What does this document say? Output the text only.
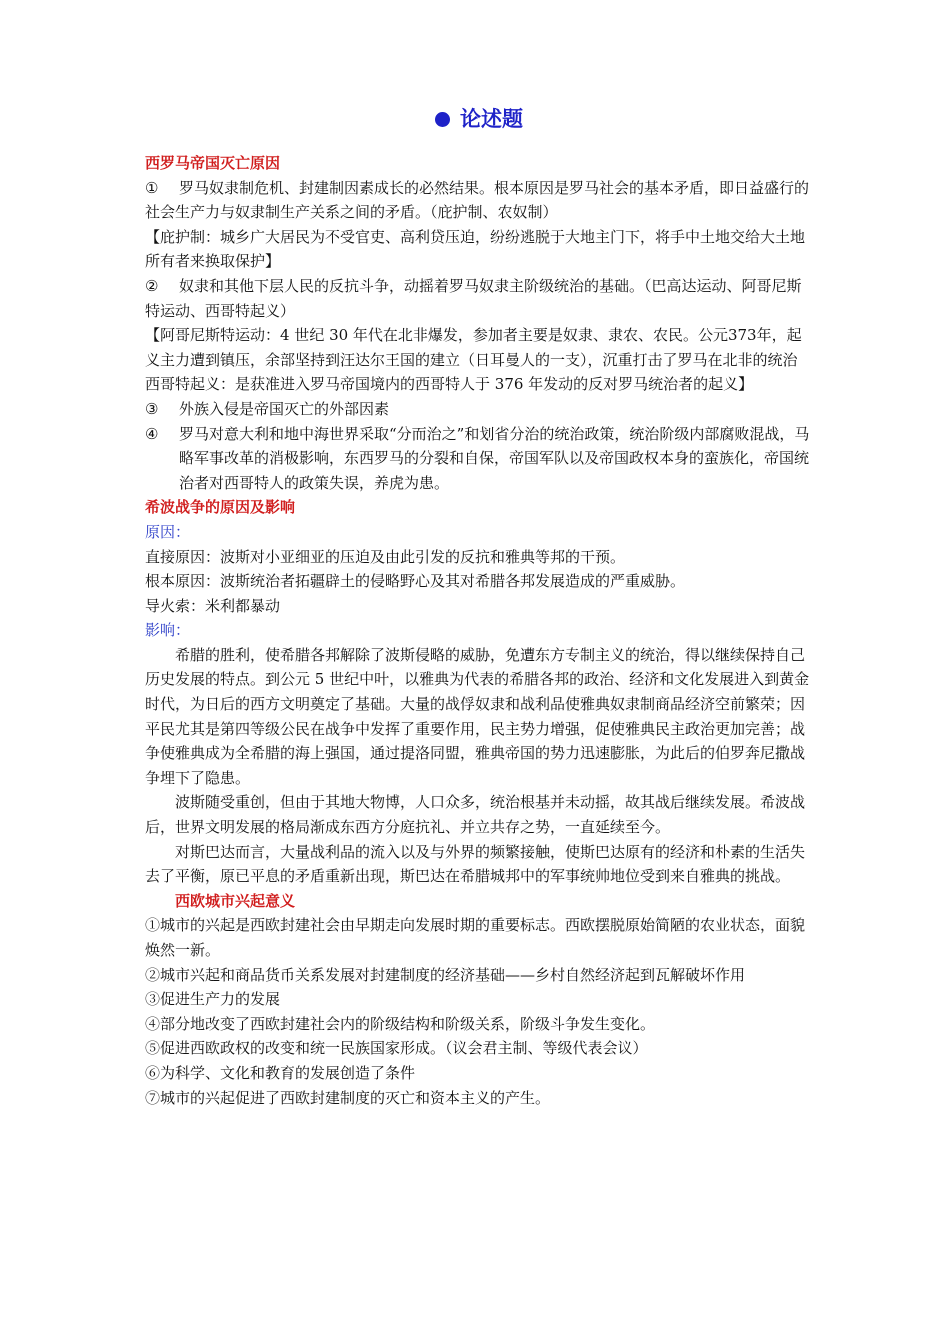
论述题
西罗马帝国灭亡原因
①	罗马奴隶制危机、封建制因素成长的必然结果。根本原因是罗马社会的基本矛盾，即日益盛行的社会生产力与奴隶制生产关系之间的矛盾。（庇护制、农奴制）

【庇护制：城乡广大居民为不受官吏、高利贷压迫，纷纷逃脱于大地主门下，将手中土地交给大土地所有者来换取保护】

②	奴隶和其他下层人民的反抗斗争，动摇着罗马奴隶主阶级统治的基础。（巴高达运动、阿哥尼斯特运动、西哥特起义）

【阿哥尼斯特运动：4 世纪 30 年代在北非爆发，参加者主要是奴隶、隶农、农民。公元373年，起义主力遭到镇压，余部坚持到汪达尔王国的建立（日耳曼人的一支），沉重打击了罗马在北非的统治

西哥特起义：是获准进入罗马帝国境内的西哥特人于 376 年发动的反对罗马统治者的起义】

③	外族入侵是帝国灭亡的外部因素
④	罗马对意大利和地中海世界采取“分而治之”和划省分治的统治政策，统治阶级内部腐败混战，马略军事改革的消极影响，东西罗马的分裂和自保，帝国军队以及帝国政权本身的蛮族化，帝国统治者对西哥特人的政策失误，养虎为患。
希波战争的原因及影响
原因：

直接原因：波斯对小亚细亚的压迫及由此引发的反抗和雅典等邦的干预。

根本原因：波斯统治者拓疆辟土的侵略野心及其对希腊各邦发展造成的严重威胁。

导火索：米利都暴动

影响：

希腊的胜利，使希腊各邦解除了波斯侵略的威胁，免遭东方专制主义的统治，得以继续保持自己历史发展的特点。到公元 5 世纪中叶，以雅典为代表的希腊各邦的政治、经济和文化发展进入到黄金时代，为日后的西方文明奠定了基础。大量的战俘奴隶和战利品使雅典奴隶制商品经济空前繁荣；因平民尤其是第四等级公民在战争中发挥了重要作用，民主势力增强，促使雅典民主政治更加完善；战争使雅典成为全希腊的海上强国，通过提洛同盟，雅典帝国的势力迅速膨胀，为此后的伯罗奔尼撒战争埋下了隐患。

波斯随受重创，但由于其地大物博，人口众多，统治根基并未动摇，故其战后继续发展。希波战后，世界文明发展的格局渐成东西方分庭抗礼、并立共存之势，一直延续至今。

对斯巴达而言，大量战利品的流入以及与外界的频繁接触，使斯巴达原有的经济和朴素的生活失去了平衡，原已平息的矛盾重新出现，斯巴达在希腊城邦中的军事统帅地位受到来自雅典的挑战。

西欧城市兴起意义

①城市的兴起是西欧封建社会由早期走向发展时期的重要标志。西欧摆脱原始简陋的农业状态，面貌焕然一新。

②城市兴起和商品货币关系发展对封建制度的经济基础——乡村自然经济起到瓦解破坏作用

③促进生产力的发展

④部分地改变了西欧封建社会内的阶级结构和阶级关系，阶级斗争发生变化。

⑤促进西欧政权的改变和统一民族国家形成。（议会君主制、等级代表会议）

⑥为科学、文化和教育的发展创造了条件

⑦城市的兴起促进了西欧封建制度的灭亡和资本主义的产生。
